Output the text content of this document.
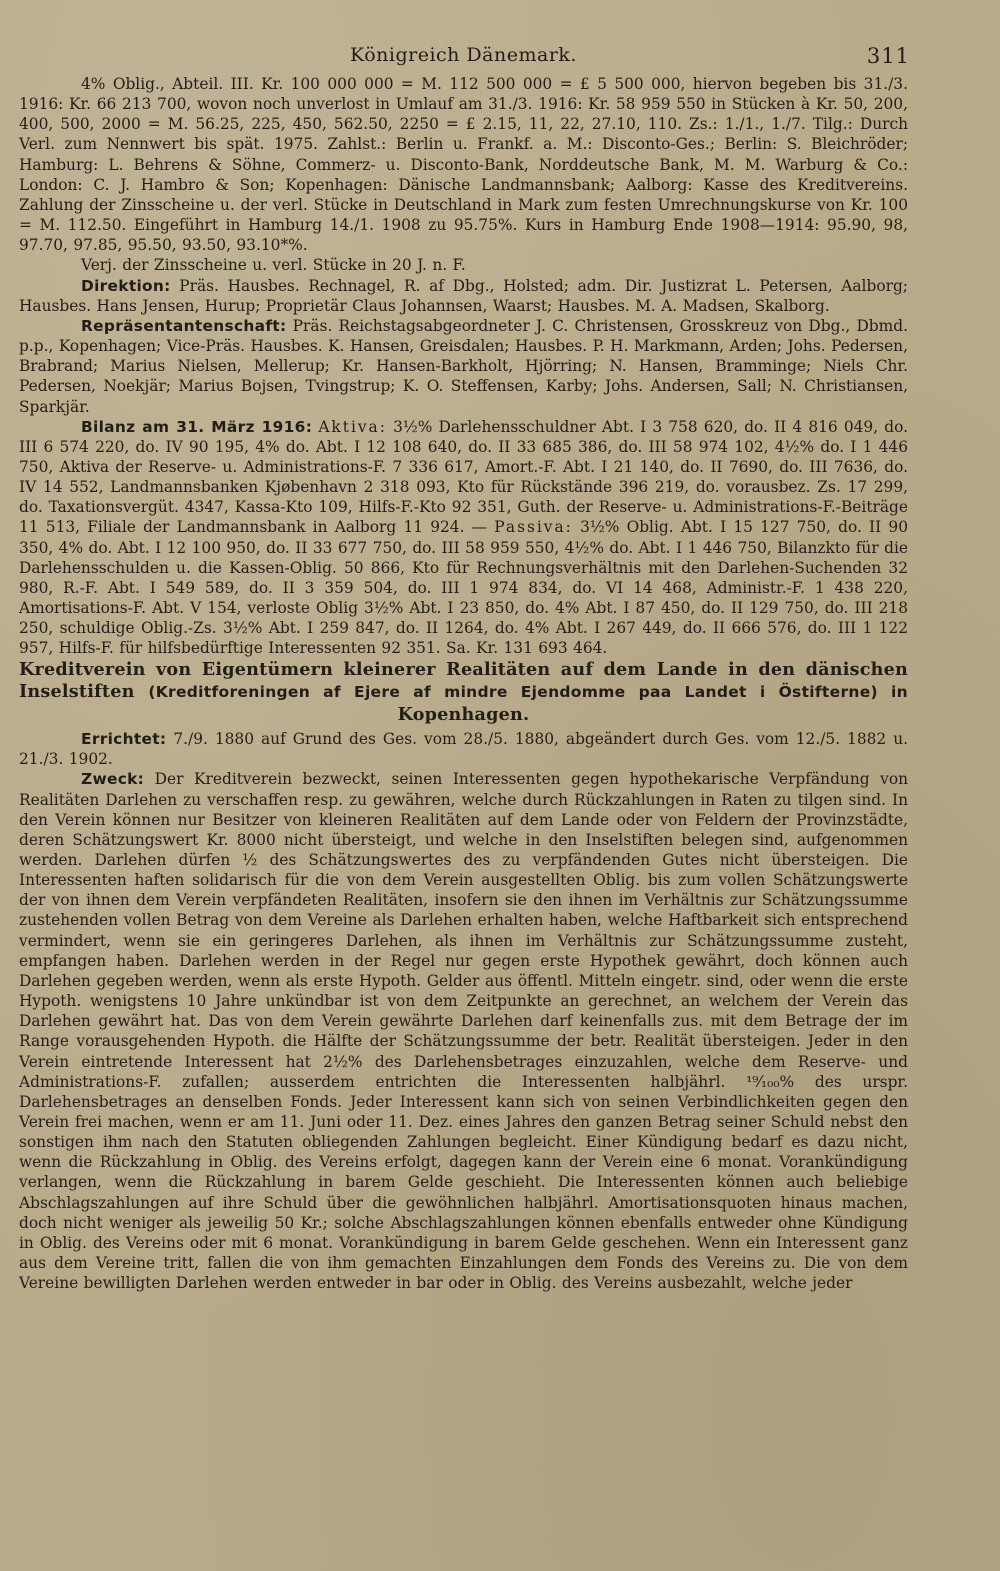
Königreich Dänemark.	311

4% Oblig., Abteil. III. Kr. 100 000 000 = M. 112 500 000 = £ 5 500 000, hiervon begeben bis 31./3. 1916: Kr. 66 213 700, wovon noch unverlost in Umlauf am 31./3. 1916: Kr. 58 959 550 in Stücken à Kr. 50, 200, 400, 500, 2000 = M. 56.25, 225, 450, 562.50, 2250 = £ 2.15, 11, 22, 27.10, 110. Zs.: 1./1., 1./7. Tilg.: Durch Verl. zum Nennwert bis spät. 1975. Zahlst.: Berlin u. Frankf. a. M.: Disconto-Ges.; Berlin: S. Bleichröder; Hamburg: L. Behrens & Söhne, Commerz- u. Disconto-Bank, Norddeutsche Bank, M. M. Warburg & Co.: London: C. J. Hambro & Son; Kopenhagen: Dänische Landmannsbank; Aalborg: Kasse des Kreditvereins. Zahlung der Zinsscheine u. der verl. Stücke in Deutschland in Mark zum festen Umrechnungskurse von Kr. 100 = M. 112.50. Eingeführt in Hamburg 14./1. 1908 zu 95.75%. Kurs in Hamburg Ende 1908—1914: 95.90, 98, 97.70, 97.85, 95.50, 93.50, 93.10*%.

Verj. der Zinsscheine u. verl. Stücke in 20 J. n. F.

Direktion: Präs. Hausbes. Rechnagel, R. af Dbg., Holsted; adm. Dir. Justizrat L. Petersen, Aalborg; Hausbes. Hans Jensen, Hurup; Proprietär Claus Johannsen, Waarst; Hausbes. M. A. Madsen, Skalborg.

Repräsentantenschaft: Präs. Reichstagsabgeordneter J. C. Christensen, Grosskreuz von Dbg., Dbmd. p.p., Kopenhagen; Vice-Präs. Hausbes. K. Hansen, Greisdalen; Hausbes. P. H. Markmann, Arden; Johs. Pedersen, Brabrand; Marius Nielsen, Mellerup; Kr. Hansen-Barkholt, Hjörring; N. Hansen, Bramminge; Niels Chr. Pedersen, Noekjär; Marius Bojsen, Tvingstrup; K. O. Steffensen, Karby; Johs. Andersen, Sall; N. Christiansen, Sparkjär.

Bilanz am 31. März 1916: Aktiva: 3½% Darlehensschuldner Abt. I 3 758 620, do. II 4 816 049, do. III 6 574 220, do. IV 90 195, 4% do. Abt. I 12 108 640, do. II 33 685 386, do. III 58 974 102, 4½% do. I 1 446 750, Aktiva der Reserve- u. Administrations-F. 7 336 617, Amort.-F. Abt. I 21 140, do. II 7690, do. III 7636, do. IV 14 552, Landmannsbanken Kjøbenhavn 2 318 093, Kto für Rückstände 396 219, do. vorausbez. Zs. 17 299, do. Taxationsvergüt. 4347, Kassa-Kto 109, Hilfs-F.-Kto 92 351, Guth. der Reserve- u. Administrations-F.-Beiträge 11 513, Filiale der Landmannsbank in Aalborg 11 924. — Passiva: 3½% Oblig. Abt. I 15 127 750, do. II 90 350, 4% do. Abt. I 12 100 950, do. II 33 677 750, do. III 58 959 550, 4½% do. Abt. I 1 446 750, Bilanzkto für die Darlehensschulden u. die Kassen-Oblig. 50 866, Kto für Rechnungsverhältnis mit den Darlehen-Suchenden 32 980, R.-F. Abt. I 549 589, do. II 3 359 504, do. III 1 974 834, do. VI 14 468, Administr.-F. 1 438 220, Amortisations-F. Abt. V 154, verloste Oblig 3½% Abt. I 23 850, do. 4% Abt. I 87 450, do. II 129 750, do. III 218 250, schuldige Oblig.-Zs. 3½% Abt. I 259 847, do. II 1264, do. 4% Abt. I 267 449, do. II 666 576, do. III 1 122 957, Hilfs-F. für hilfsbedürftige Interessenten 92 351. Sa. Kr. 131 693 464.

Kreditverein von Eigentümern kleinerer Realitäten auf dem Lande in den dänischen Inselstiften (Kreditforeningen af Ejere af mindre Ejendomme paa Landet i Östifterne) in Kopenhagen.

Errichtet: 7./9. 1880 auf Grund des Ges. vom 28./5. 1880, abgeändert durch Ges. vom 12./5. 1882 u. 21./3. 1902.

Zweck: Der Kreditverein bezweckt, seinen Interessenten gegen hypothekarische Verpfändung von Realitäten Darlehen zu verschaffen resp. zu gewähren, welche durch Rückzahlungen in Raten zu tilgen sind. In den Verein können nur Besitzer von kleineren Realitäten auf dem Lande oder von Feldern der Provinzstädte, deren Schätzungswert Kr. 8000 nicht übersteigt, und welche in den Inselstiften belegen sind, aufgenommen werden. Darlehen dürfen ½ des Schätzungswertes des zu verpfändenden Gutes nicht übersteigen. Die Interessenten haften solidarisch für die von dem Verein ausgestellten Oblig. bis zum vollen Schätzungswerte der von ihnen dem Verein verpfändeten Realitäten, insofern sie den ihnen im Verhältnis zur Schätzungssumme zustehenden vollen Betrag von dem Vereine als Darlehen erhalten haben, welche Haftbarkeit sich entsprechend vermindert, wenn sie ein geringeres Darlehen, als ihnen im Verhältnis zur Schätzungssumme zusteht, empfangen haben. Darlehen werden in der Regel nur gegen erste Hypothek gewährt, doch können auch Darlehen gegeben werden, wenn als erste Hypoth. Gelder aus öffentl. Mitteln eingetr. sind, oder wenn die erste Hypoth. wenigstens 10 Jahre unkündbar ist von dem Zeitpunkte an gerechnet, an welchem der Verein das Darlehen gewährt hat. Das von dem Verein gewährte Darlehen darf keinenfalls zus. mit dem Betrage der im Range vorausgehenden Hypoth. die Hälfte der Schätzungssumme der betr. Realität übersteigen. Jeder in den Verein eintretende Interessent hat 2½% des Darlehensbetrages einzuzahlen, welche dem Reserve- und Administrations-F. zufallen; ausserdem entrichten die Interessenten halbjährl. ¹⁹⁄₁₀₀% des urspr. Darlehensbetrages an denselben Fonds. Jeder Interessent kann sich von seinen Verbindlichkeiten gegen den Verein frei machen, wenn er am 11. Juni oder 11. Dez. eines Jahres den ganzen Betrag seiner Schuld nebst den sonstigen ihm nach den Statuten obliegenden Zahlungen begleicht. Einer Kündigung bedarf es dazu nicht, wenn die Rückzahlung in Oblig. des Vereins erfolgt, dagegen kann der Verein eine 6 monat. Vorankündigung verlangen, wenn die Rückzahlung in barem Gelde geschieht. Die Interessenten können auch beliebige Abschlagszahlungen auf ihre Schuld über die gewöhnlichen halbjährl. Amortisationsquoten hinaus machen, doch nicht weniger als jeweilig 50 Kr.; solche Abschlagszahlungen können ebenfalls entweder ohne Kündigung in Oblig. des Vereins oder mit 6 monat. Vorankündigung in barem Gelde geschehen. Wenn ein Interessent ganz aus dem Vereine tritt, fallen die von ihm gemachten Einzahlungen dem Fonds des Vereins zu. Die von dem Vereine bewilligten Darlehen werden entweder in bar oder in Oblig. des Vereins ausbezahlt, welche jeder
